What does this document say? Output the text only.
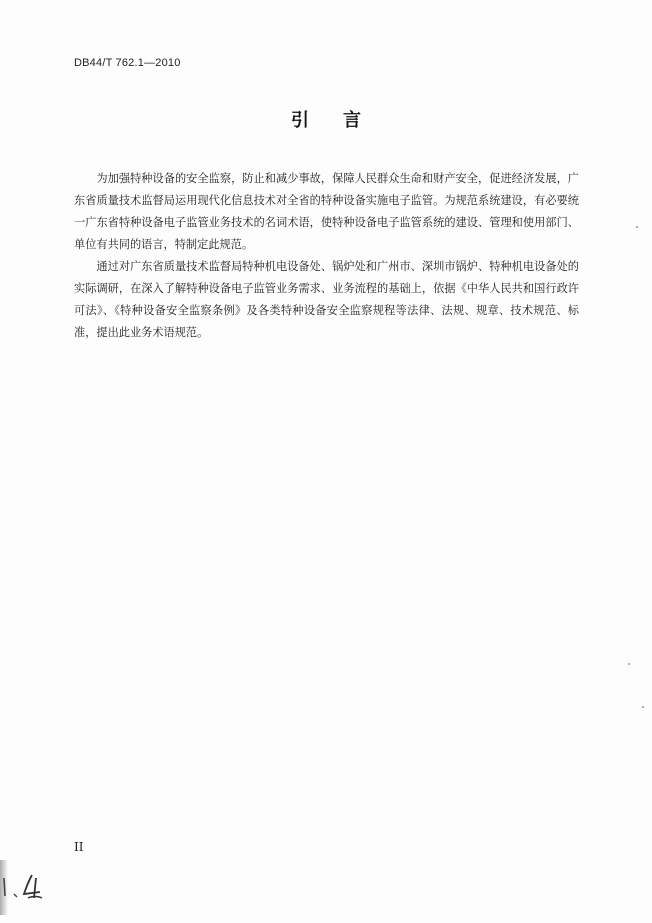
DB44/T 762.1—2010
引言

为加强特种设备的安全监察，防止和减少事故，保障人民群众生命和财产安全，促进经济发展，广东省质量技术监督局运用现代化信息技术对全省的特种设备实施电子监管。为规范系统建设，有必要统一广东省特种设备电子监管业务技术的名词术语，使特种设备电子监管系统的建设、管理和使用部门、单位有共同的语言，特制定此规范。

通过对广东省质量技术监督局特种机电设备处、锅炉处和广州市、深圳市锅炉、特种机电设备处的实际调研，在深入了解特种设备电子监管业务需求、业务流程的基础上，依据《中华人民共和国行政许可法》、《特种设备安全监察条例》及各类特种设备安全监察规程等法律、法规、规章、技术规范、标准，提出此业务术语规范。

II
